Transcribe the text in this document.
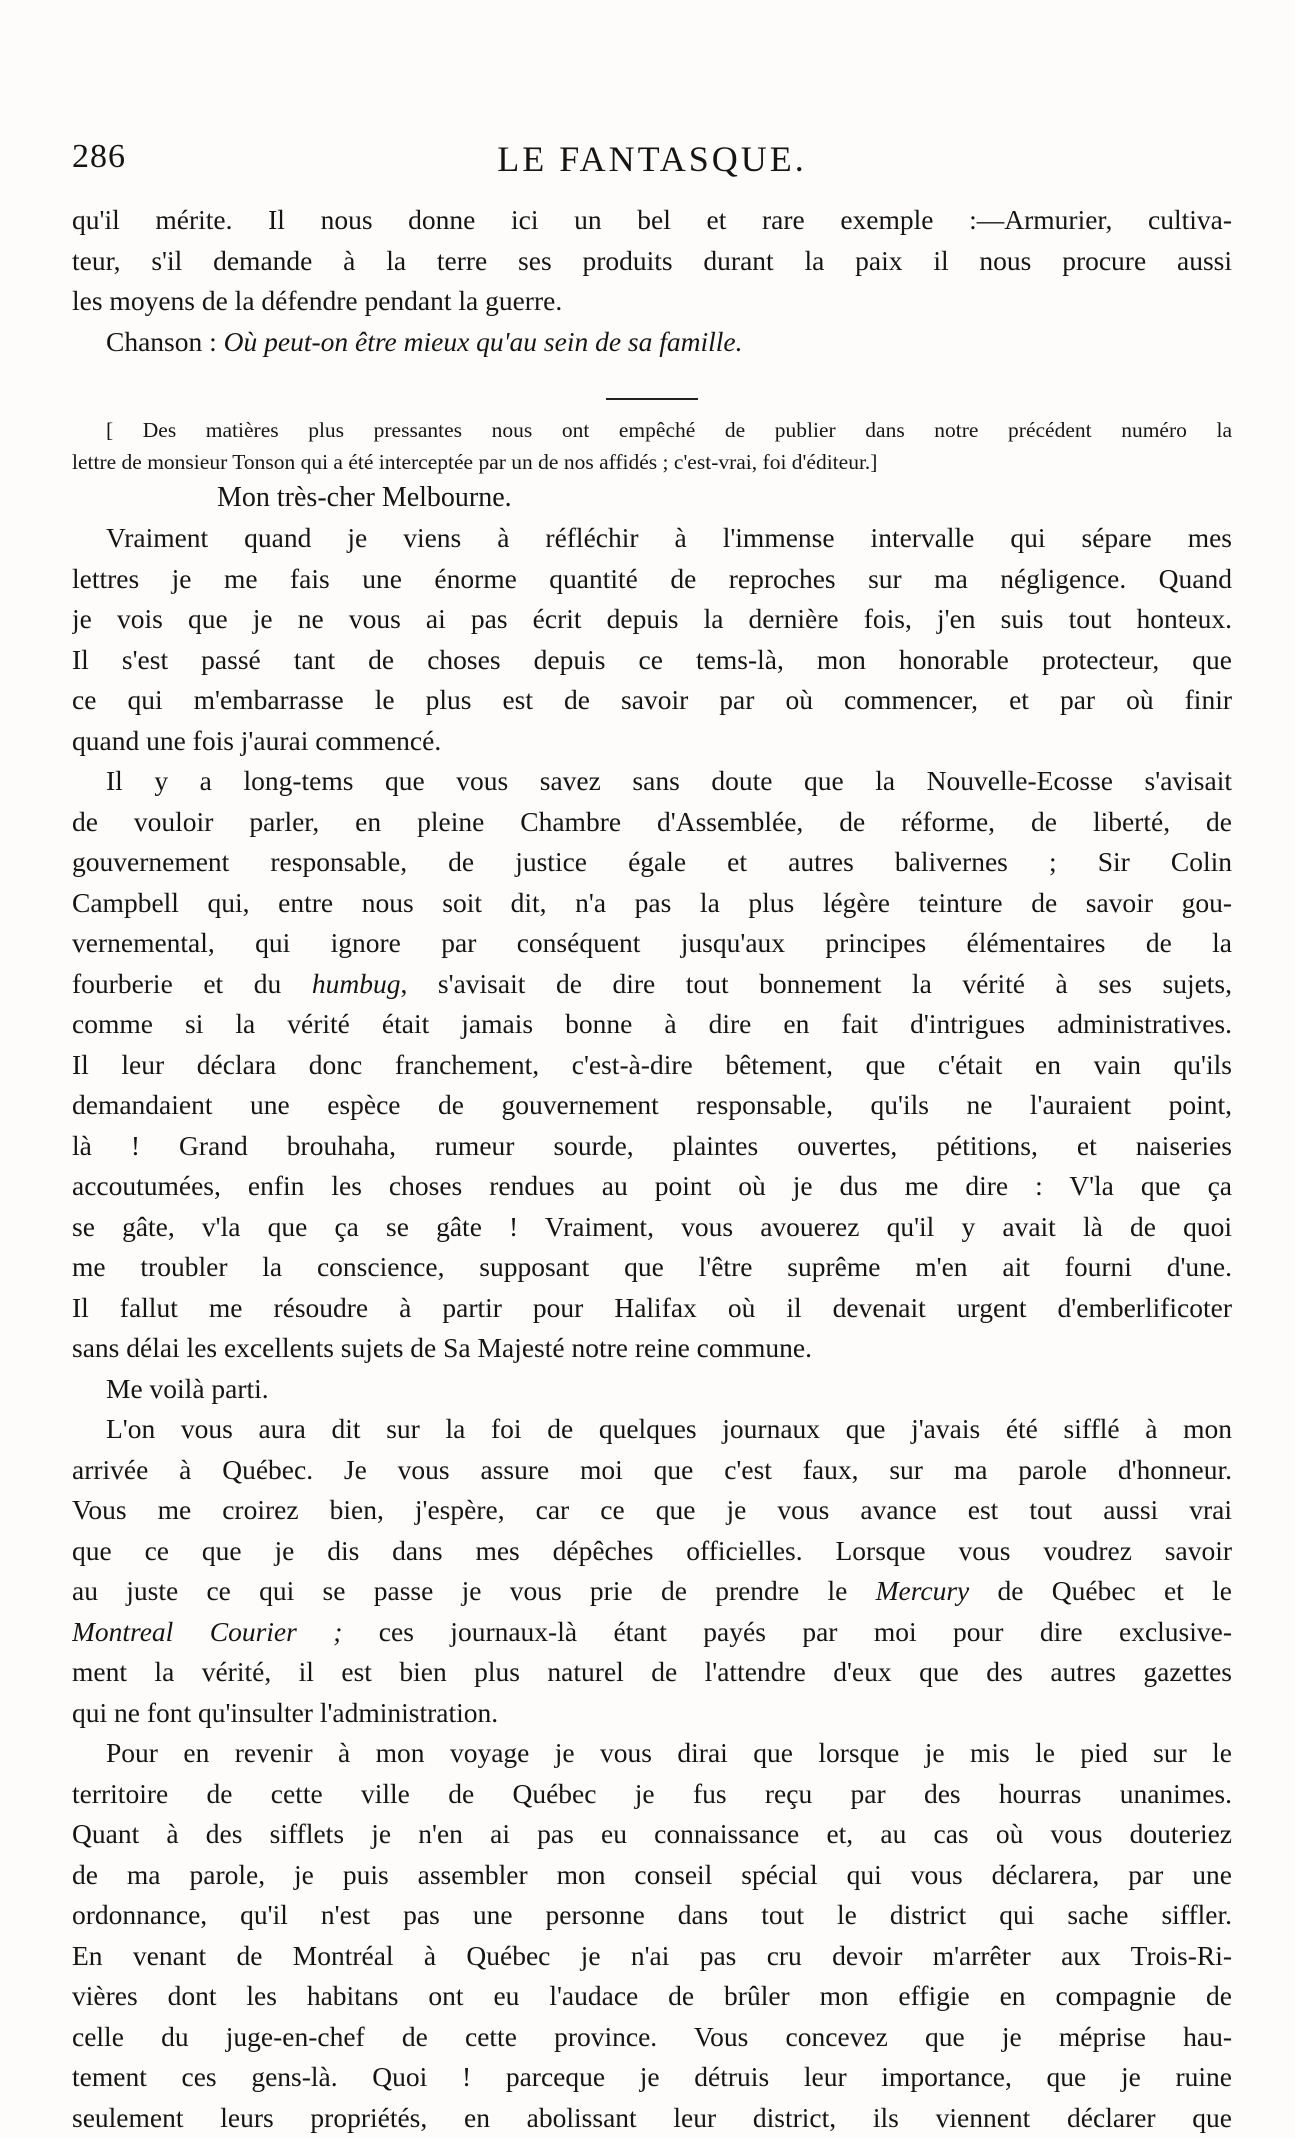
286	LE FANTASQUE.
qu'il mérite. Il nous donne ici un bel et rare exemple :—Armurier, cultiva-
teur, s'il demande à la terre ses produits durant la paix il nous procure aussi
les moyens de la défendre pendant la guerre.
Chanson : Où peut-on être mieux qu'au sein de sa famille.
[ Des matières plus pressantes nous ont empêché de publier dans notre précédent numéro la
lettre de monsieur Tonson qui a été interceptée par un de nos affidés ; c'est-vrai, foi d'éditeur.]
Mon très-cher Melbourne.
Vraiment quand je viens à réfléchir à l'immense intervalle qui sépare mes
lettres je me fais une énorme quantité de reproches sur ma négligence. Quand
je vois que je ne vous ai pas écrit depuis la dernière fois, j'en suis tout honteux.
Il s'est passé tant de choses depuis ce tems-là, mon honorable protecteur, que
ce qui m'embarrasse le plus est de savoir par où commencer, et par où finir
quand une fois j'aurai commencé.
Il y a long-tems que vous savez sans doute que la Nouvelle-Ecosse s'avisait
de vouloir parler, en pleine Chambre d'Assemblée, de réforme, de liberté, de
gouvernement responsable, de justice égale et autres balivernes ; Sir Colin
Campbell qui, entre nous soit dit, n'a pas la plus légère teinture de savoir gou-
vernemental, qui ignore par conséquent jusqu'aux principes élémentaires de la
fourberie et du humbug, s'avisait de dire tout bonnement la vérité à ses sujets,
comme si la vérité était jamais bonne à dire en fait d'intrigues administratives.
Il leur déclara donc franchement, c'est-à-dire bêtement, que c'était en vain qu'ils
demandaient une espèce de gouvernement responsable, qu'ils ne l'auraient point,
là ! Grand brouhaha, rumeur sourde, plaintes ouvertes, pétitions, et naiseries
accoutumées, enfin les choses rendues au point où je dus me dire : V'la que ça
se gâte, v'la que ça se gâte ! Vraiment, vous avouerez qu'il y avait là de quoi
me troubler la conscience, supposant que l'être suprême m'en ait fourni d'une.
Il fallut me résoudre à partir pour Halifax où il devenait urgent d'emberlificoter
sans délai les excellents sujets de Sa Majesté notre reine commune.
Me voilà parti.
L'on vous aura dit sur la foi de quelques journaux que j'avais été sifflé à mon
arrivée à Québec. Je vous assure moi que c'est faux, sur ma parole d'honneur.
Vous me croirez bien, j'espère, car ce que je vous avance est tout aussi vrai
que ce que je dis dans mes dépêches officielles. Lorsque vous voudrez savoir
au juste ce qui se passe je vous prie de prendre le Mercury de Québec et le
Montreal Courier ; ces journaux-là étant payés par moi pour dire exclusive-
ment la vérité, il est bien plus naturel de l'attendre d'eux que des autres gazettes
qui ne font qu'insulter l'administration.
Pour en revenir à mon voyage je vous dirai que lorsque je mis le pied sur le
territoire de cette ville de Québec je fus reçu par des hourras unanimes.
Quant à des sifflets je n'en ai pas eu connaissance et, au cas où vous douteriez
de ma parole, je puis assembler mon conseil spécial qui vous déclarera, par une
ordonnance, qu'il n'est pas une personne dans tout le district qui sache siffler.
En venant de Montréal à Québec je n'ai pas cru devoir m'arrêter aux Trois-Ri-
vières dont les habitans ont eu l'audace de brûler mon effigie en compagnie de
celle du juge-en-chef de cette province. Vous concevez que je méprise hau-
tement ces gens-là. Quoi ! parceque je détruis leur importance, que je ruine
seulement leurs propriétés, en abolissant leur district, ils viennent déclarer que
